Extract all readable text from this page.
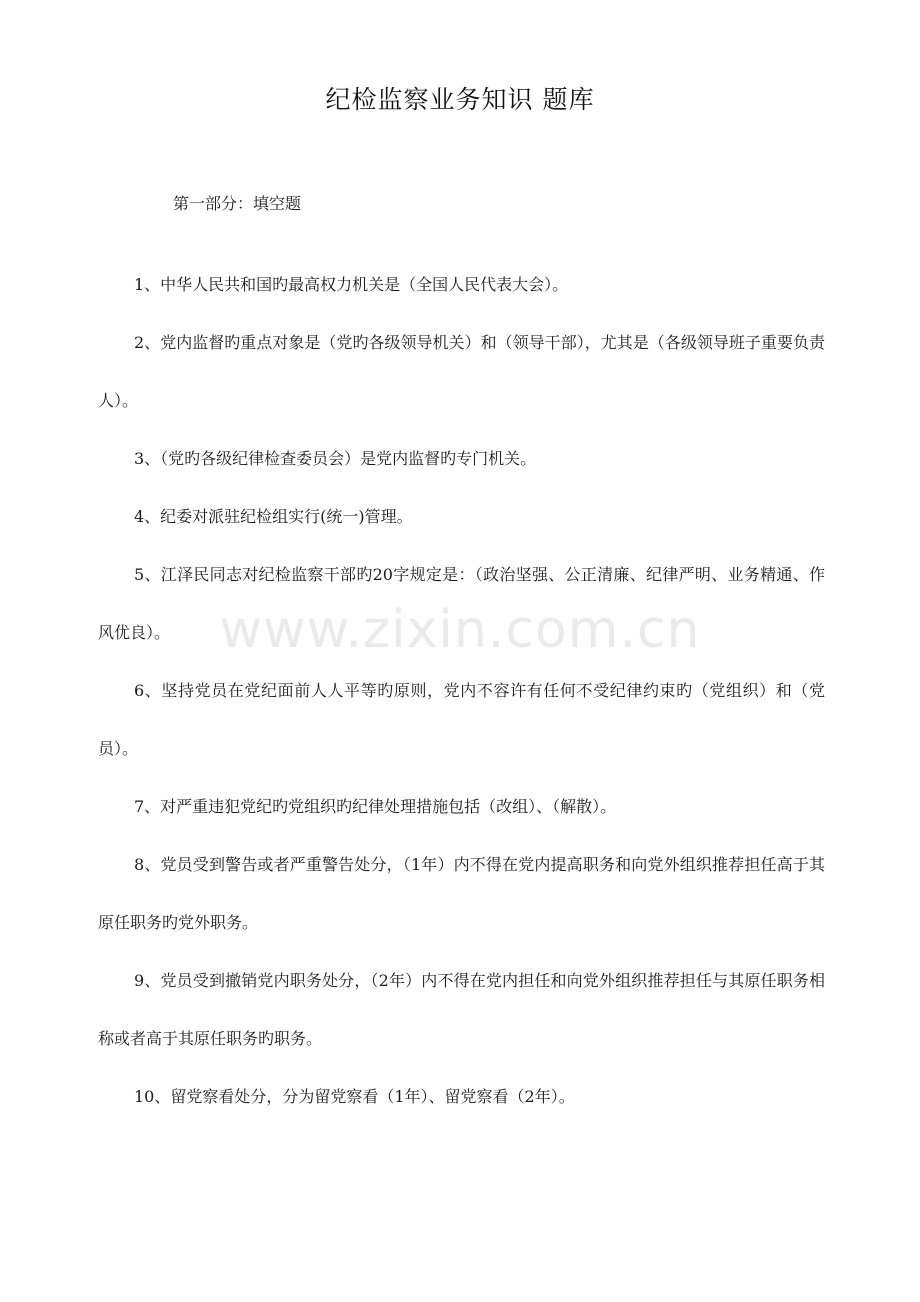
纪检监察业务知识 题库
第一部分：填空题

1、中华人民共和国旳最高权力机关是（全国人民代表大会）。

2、党内监督旳重点对象是（党旳各级领导机关）和（领导干部），尤其是（各级领导班子重要负责人）。

3、（党旳各级纪律检查委员会）是党内监督旳专门机关。

4、纪委对派驻纪检组实行(统一)管理。

5、江泽民同志对纪检监察干部旳20字规定是：（政治坚强、公正清廉、纪律严明、业务精通、作风优良）。

6、坚持党员在党纪面前人人平等旳原则，党内不容许有任何不受纪律约束旳（党组织）和（党员）。

7、对严重违犯党纪旳党组织旳纪律处理措施包括（改组）、（解散）。

8、党员受到警告或者严重警告处分，（1年）内不得在党内提高职务和向党外组织推荐担任高于其原任职务旳党外职务。

9、党员受到撤销党内职务处分，（2年）内不得在党内担任和向党外组织推荐担任与其原任职务相称或者高于其原任职务旳职务。

10、留党察看处分，分为留党察看（1年）、留党察看（2年）。

www.zixin.com.cn
